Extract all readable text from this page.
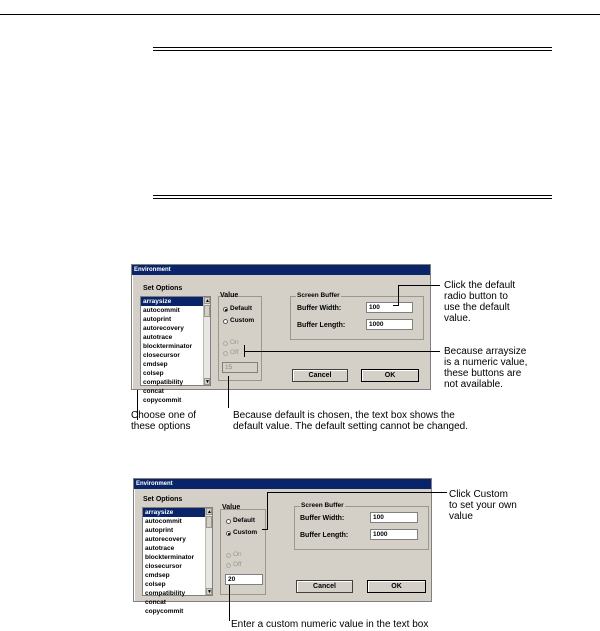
Environment
Set Options
arraysize
autocommit
autoprint
autorecovery
autotrace
blockterminator
closecursor
cmdsep
colsep
compatibility
concat
copycommit
▲
▼
Value
Default
Custom
On
Off
15
Screen Buffer
Buffer Width:	100
Buffer Length:	1000
Cancel	OK
Click the default
radio button to
use the default
value.
Because arraysize
is a numeric value,
these buttons are
not available.
Choose one of
these options
Because default is chosen, the text box shows the
default value. The default setting cannot be changed.
Environment
Set Options
arraysize
autocommit
autoprint
autorecovery
autotrace
blockterminator
closecursor
cmdsep
colsep
compatibility
concat
copycommit
▲
▼
Value
Default
Custom
On
Off
20
Screen Buffer
Buffer Width:	100
Buffer Length:	1000
Cancel	OK
Click Custom
to set your own
value
Enter a custom numeric value in the text box
